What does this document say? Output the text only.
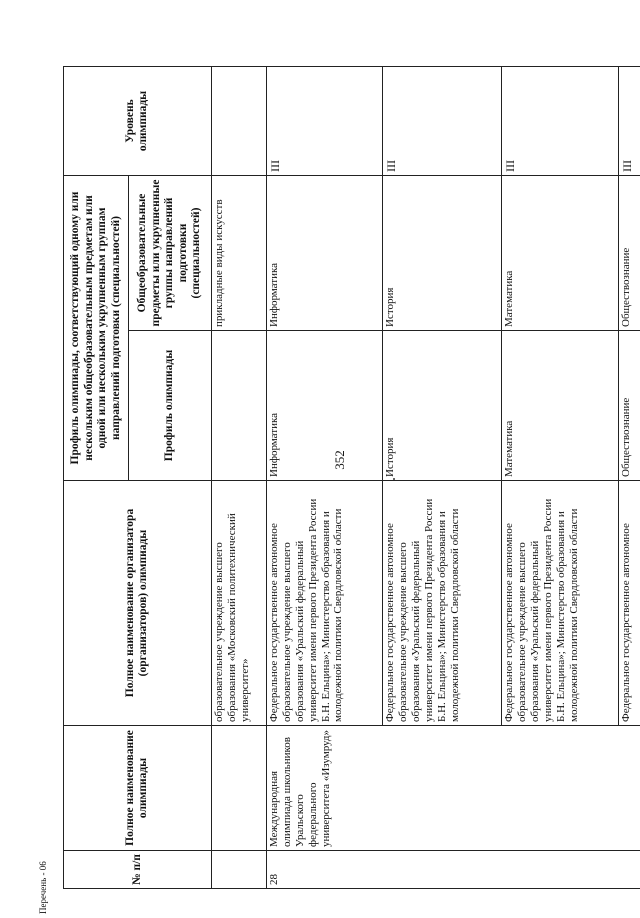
352
№ п/п	Полное наименование олимпиады	Полное наименование организатора (организаторов) олимпиады	Профиль олимпиады, соответствующий одному или нескольким общеобразовательным предметам или одной или нескольким укрупненным группам направлений подготовки (специальностей)		Уровень олимпиады
			Профиль олимпиады	Общеобразовательные предметы или укрупненные группы направлений подготовки (специальностей)	
		образовательное учреждение высшего образования «Московский политехнический университет»		прикладные виды искусств	
28	Международная олимпиада школьников Уральского федерального университета «Изумруд»	Федеральное государственное автономное образовательное учреждение высшего образования «Уральский федеральный университет имени первого Президента России Б.Н. Ельцина»; Министерство образования и молодежной политики Свердловской области	Информатика	Информатика	III
		Федеральное государственное автономное образовательное учреждение высшего образования «Уральский федеральный университет имени первого Президента России Б.Н. Ельцина»; Министерство образования и молодежной политики Свердловской области	История	История	III
		Федеральное государственное автономное образовательное учреждение высшего образования «Уральский федеральный университет имени первого Президента России Б.Н. Ельцина»; Министерство образования и молодежной политики Свердловской области	Математика	Математика	III
		Федеральное государственное автономное	Обществознание	Обществознание	III
Перечень - 06
